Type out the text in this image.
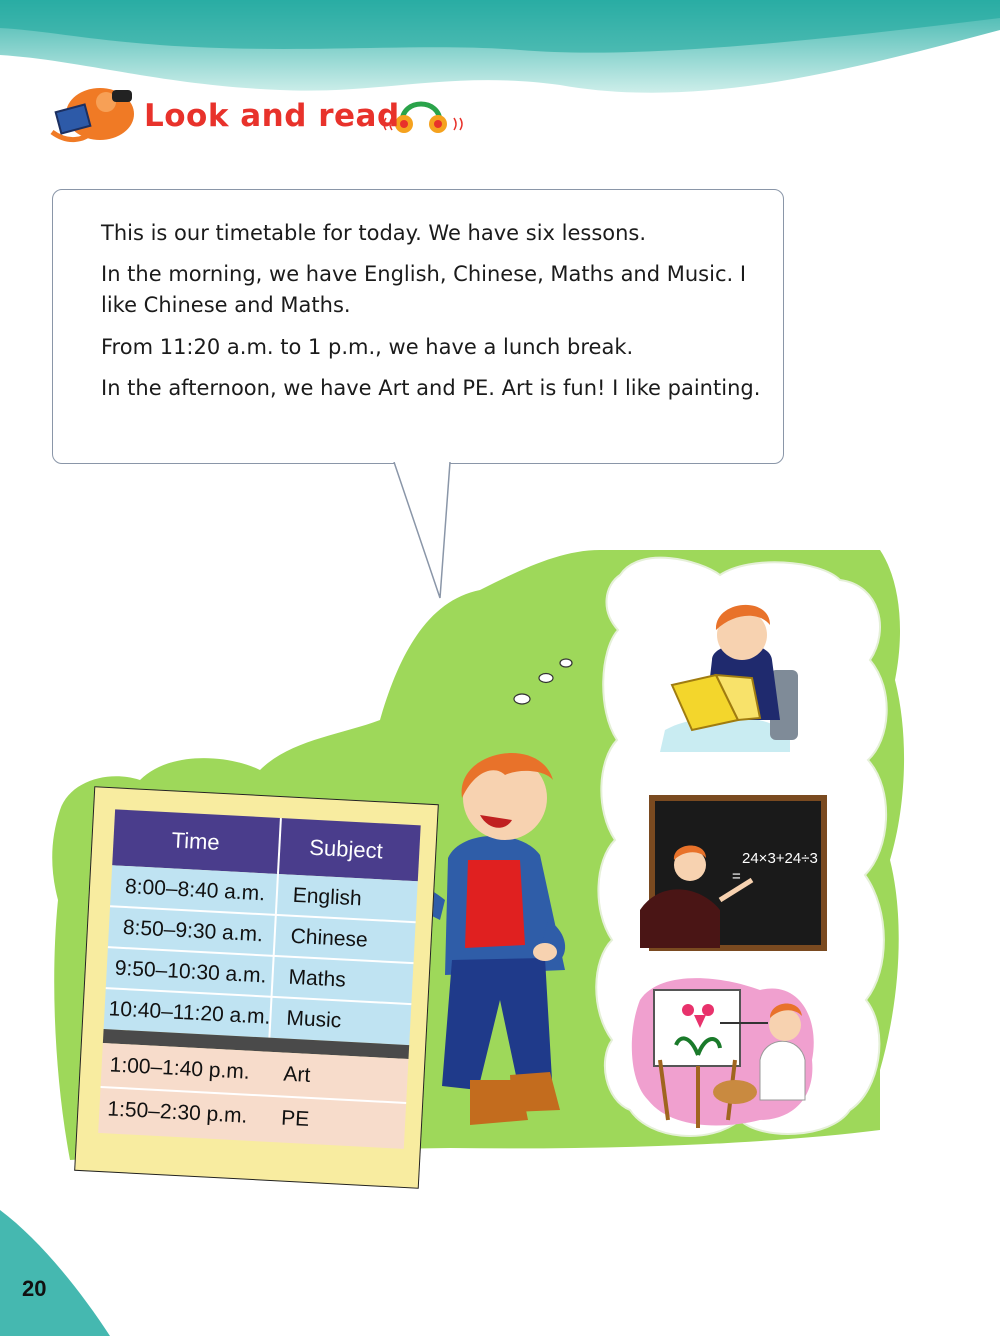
Look and read
This is our timetable for today. We have six lessons.
In the morning, we have English, Chinese, Maths and Music. I like Chinese and Maths.
From 11:20 a.m. to 1 p.m., we have a lunch break.
In the afternoon, we have Art and PE. Art is fun! I like painting.
24×3+24÷3
=
Time	Subject
8:00–8:40 a.m. English
8:50–9:30 a.m. Chinese
9:50–10:30 a.m. Maths
10:40–11:20 a.m. Music
1:00–1:40 p.m. Art
1:50–2:30 p.m. PE
20
